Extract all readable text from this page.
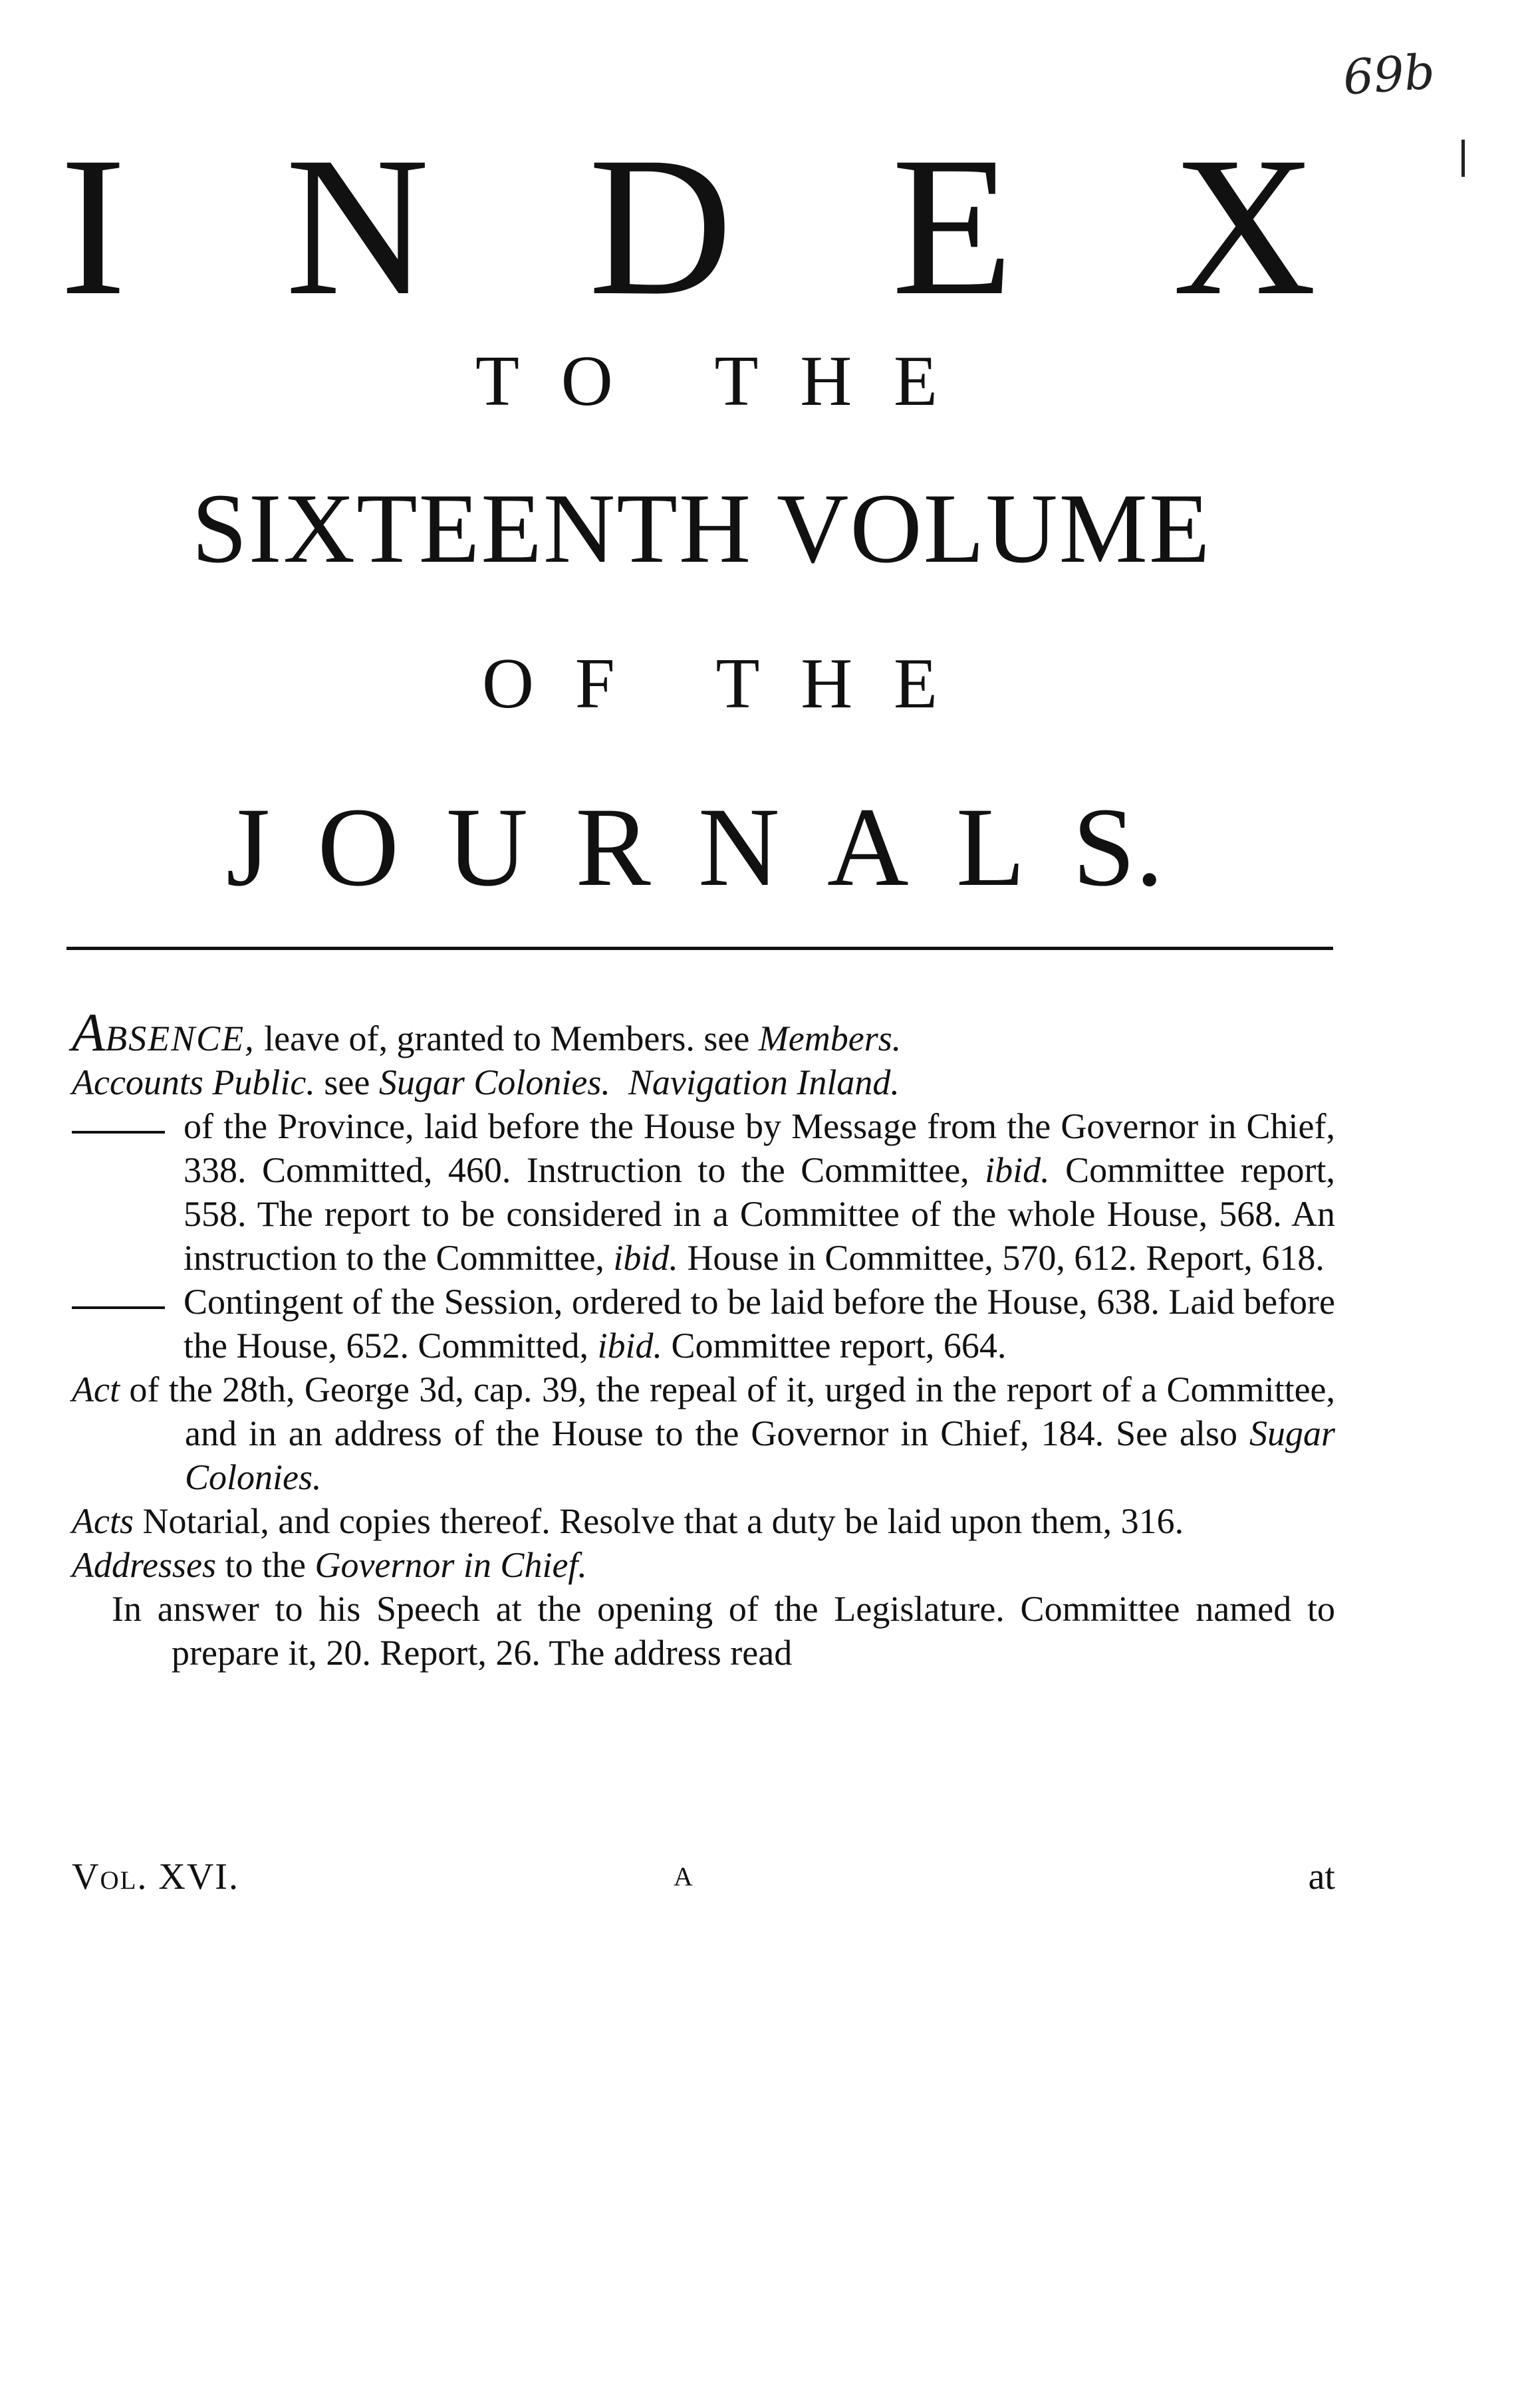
69b
I N D E X
T O T H E
SIXTEENTH VOLUME
O F T H E
J O U R N A L S.
ABSENCE, leave of, granted to Members. see Members.
Accounts Public. see Sugar Colonies. Navigation Inland.
of the Province, laid before the House by Message from the Governor in Chief, 338. Committed, 460. Instruction to the Committee, ibid. Committee report, 558. The report to be considered in a Committee of the whole House, 568. An instruction to the Committee, ibid. House in Committee, 570, 612. Report, 618.
Contingent of the Session, ordered to be laid before the House, 638. Laid before the House, 652. Committed, ibid. Committee report, 664.
Act of the 28th, George 3d, cap. 39, the repeal of it, urged in the report of a Committee, and in an address of the House to the Governor in Chief, 184. See also Sugar Colonies.
Acts Notarial, and copies thereof. Resolve that a duty be laid upon them, 316.
Addresses to the Governor in Chief.
In answer to his Speech at the opening of the Legislature. Committee named to prepare it, 20. Report, 26. The address read
Vol. XVI.	A	at
